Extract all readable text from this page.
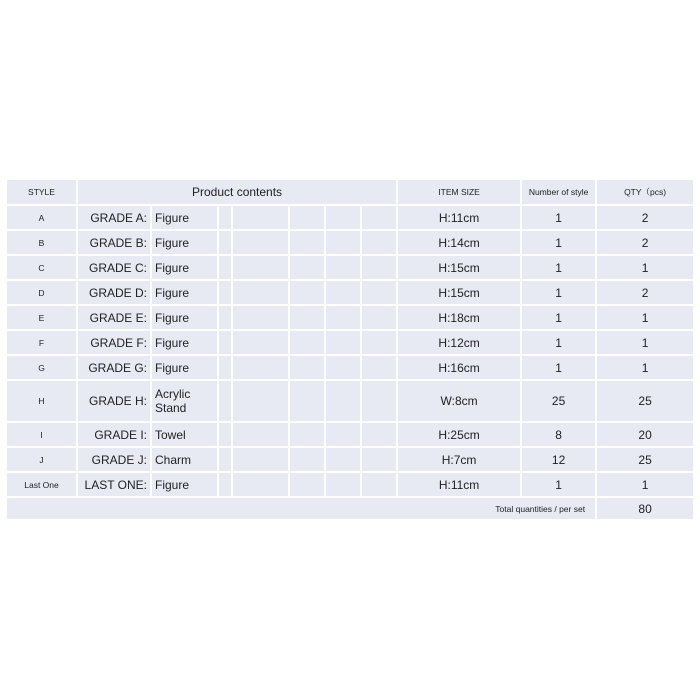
STYLE	Product contents							ITEM SIZE	Number of style	QTY（pcs)
A	GRADE A:	Figure						H:11cm	1	2
B	GRADE B:	Figure						H:14cm	1	2
C	GRADE C:	Figure						H:15cm	1	1
D	GRADE D:	Figure						H:15cm	1	2
E	GRADE E:	Figure						H:18cm	1	1
F	GRADE F:	Figure						H:12cm	1	1
G	GRADE G:	Figure						H:16cm	1	1
H	GRADE H:	Acrylic Stand						W:8cm	25	25
I	GRADE I:	Towel						H:25cm	8	20
J	GRADE J:	Charm						H:7cm	12	25
Last One	LAST ONE:	Figure						H:11cm	1	1
Total quantities / per set										80
